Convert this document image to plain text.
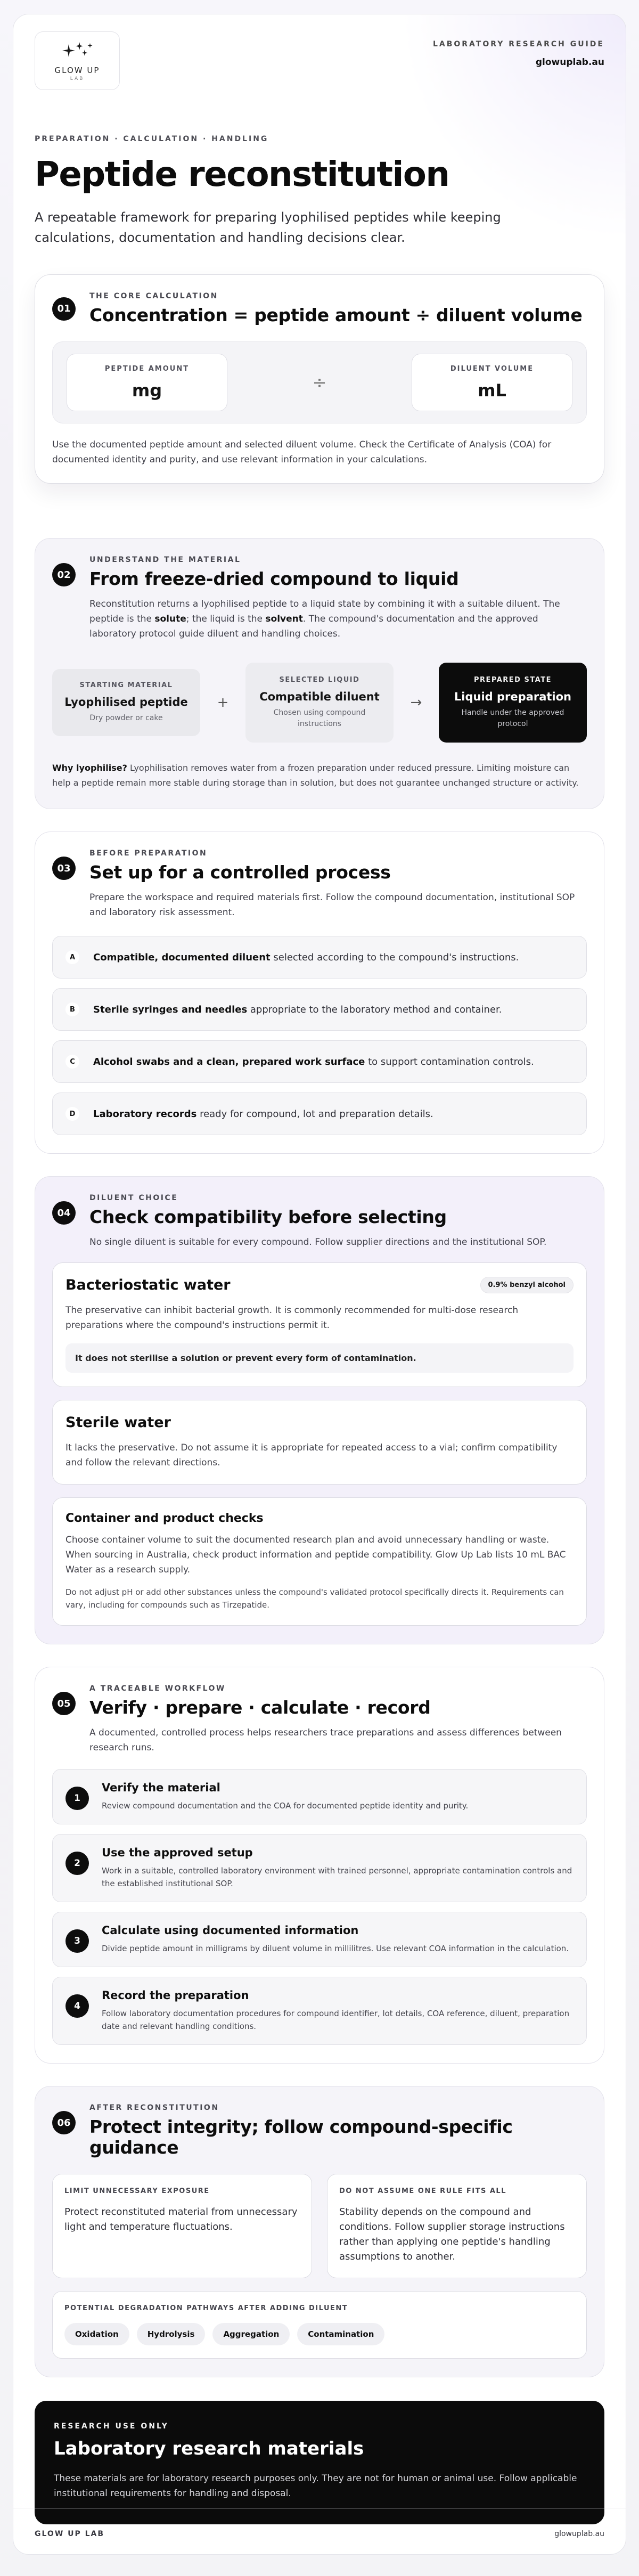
GLOW UP
LAB
LABORATORY RESEARCH GUIDE
glowuplab.au
PREPARATION · CALCULATION · HANDLING
Peptide reconstitution

A repeatable framework for preparing lyophilised peptides while keeping calculations, documentation and handling decisions clear.

01
THE CORE CALCULATION
Concentration = peptide amount ÷ diluent volume
PEPTIDE AMOUNT
mg	÷
DILUENT VOLUME
mL

Use the documented peptide amount and selected diluent volume. Check the Certificate of Analysis (COA) for documented identity and purity, and use relevant information in your calculations.

02
UNDERSTAND THE MATERIAL
From freeze-dried compound to liquid

Reconstitution returns a lyophilised peptide to a liquid state by combining it with a suitable diluent. The peptide is the solute; the liquid is the solvent. The compound's documentation and the approved laboratory protocol guide diluent and handling choices.

STARTING MATERIAL
Lyophilised peptide
Dry powder or cake
+
SELECTED LIQUID
Compatible diluent
Chosen using compound instructions
→
PREPARED STATE
Liquid preparation
Handle under the approved protocol

Why lyophilise? Lyophilisation removes water from a frozen preparation under reduced pressure. Limiting moisture can help a peptide remain more stable during storage than in solution, but does not guarantee unchanged structure or activity.

03
BEFORE PREPARATION
Set up for a controlled process

Prepare the workspace and required materials first. Follow the compound documentation, institutional SOP and laboratory risk assessment.

A	Compatible, documented diluent selected according to the compound's instructions.
B	Sterile syringes and needles appropriate to the laboratory method and container.
C	Alcohol swabs and a clean, prepared work surface to support contamination controls.
D	Laboratory records ready for compound, lot and preparation details.
04
DILUENT CHOICE
Check compatibility before selecting

No single diluent is suitable for every compound. Follow supplier directions and the institutional SOP.

Bacteriostatic water	0.9% benzyl alcohol

The preservative can inhibit bacterial growth. It is commonly recommended for multi-dose research preparations where the compound's instructions permit it.

It does not sterilise a solution or prevent every form of contamination.
Sterile water

It lacks the preservative. Do not assume it is appropriate for repeated access to a vial; confirm compatibility and follow the relevant directions.

Container and product checks

Choose container volume to suit the documented research plan and avoid unnecessary handling or waste. When sourcing in Australia, check product information and peptide compatibility. Glow Up Lab lists 10 mL BAC Water as a research supply.

Do not adjust pH or add other substances unless the compound's validated protocol specifically directs it. Requirements can vary, including for compounds such as Tirzepatide.

05
A TRACEABLE WORKFLOW
Verify · prepare · calculate · record

A documented, controlled process helps researchers trace preparations and assess differences between research runs.

1
Verify the material
Review compound documentation and the COA for documented peptide identity and purity.
2
Use the approved setup
Work in a suitable, controlled laboratory environment with trained personnel, appropriate contamination controls and the established institutional SOP.
3
Calculate using documented information
Divide peptide amount in milligrams by diluent volume in millilitres. Use relevant COA information in the calculation.
4
Record the preparation
Follow laboratory documentation procedures for compound identifier, lot details, COA reference, diluent, preparation date and relevant handling conditions.
06
AFTER RECONSTITUTION
Protect integrity; follow compound-specific guidance
LIMIT UNNECESSARY EXPOSURE
Protect reconstituted material from unnecessary light and temperature fluctuations.
DO NOT ASSUME ONE RULE FITS ALL
Stability depends on the compound and conditions. Follow supplier storage instructions rather than applying one peptide's handling assumptions to another.
POTENTIAL DEGRADATION PATHWAYS AFTER ADDING DILUENT
Oxidation	Hydrolysis	Aggregation	Contamination
RESEARCH USE ONLY
Laboratory research materials

These materials are for laboratory research purposes only. They are not for human or animal use. Follow applicable institutional requirements for handling and disposal.

GLOW UP LAB	glowuplab.au
